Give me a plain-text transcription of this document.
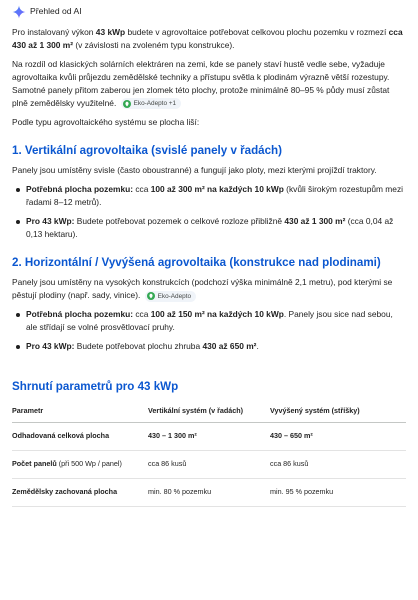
Přehled od AI

Pro instalovaný výkon 43 kWp budete v agrovoltaice potřebovat celkovou plochu pozemku v rozmezí cca 430 až 1 300 m² (v závislosti na zvoleném typu konstrukce).

Na rozdíl od klasických solárních elektráren na zemi, kde se panely staví hustě vedle sebe, vyžaduje agrovoltaika kvůli průjezdu zemědělské techniky a přístupu světla k plodinám výrazně větší rozestupy. Samotné panely přitom zaberou jen zlomek této plochy, protože minimálně 80–95 % půdy musí zůstat plně zemědělsky využitelné.	Eko-Adepto +1

Podle typu agrovoltaického systému se plocha liší:

1. Vertikální agrovoltaika (svislé panely v řadách)

Panely jsou umístěny svisle (často oboustranné) a fungují jako ploty, mezi kterými projíždí traktory.

Potřebná plocha pozemku: cca 100 až 300 m² na každých 10 kWp (kvůli širokým rozestupům mezi řadami 8–12 metrů).
Pro 43 kWp: Budete potřebovat pozemek o celkové rozloze přibližně 430 až 1 300 m² (cca 0,04 až 0,13 hektaru).
2. Horizontální / Vyvýšená agrovoltaika (konstrukce nad plodinami)

Panely jsou umístěny na vysokých konstrukcích (podchozí výška minimálně 2,1 metru), pod kterými se pěstují plodiny (např. sady, vinice).	Eko-Adepto

Potřebná plocha pozemku: cca 100 až 150 m² na každých 10 kWp. Panely jsou sice nad sebou, ale střídají se volné prosvětlovací pruhy.
Pro 43 kWp: Budete potřebovat plochu zhruba 430 až 650 m².
Shrnutí parametrů pro 43 kWp
Parametr	Vertikální systém (v řadách)	Vyvýšený systém (stříšky)
Odhadovaná celková plocha	430 – 1 300 m²	430 – 650 m²
Počet panelů (při 500 Wp / panel)	cca 86 kusů	cca 86 kusů
Zemědělsky zachovaná plocha	min. 80 % pozemku	min. 95 % pozemku
